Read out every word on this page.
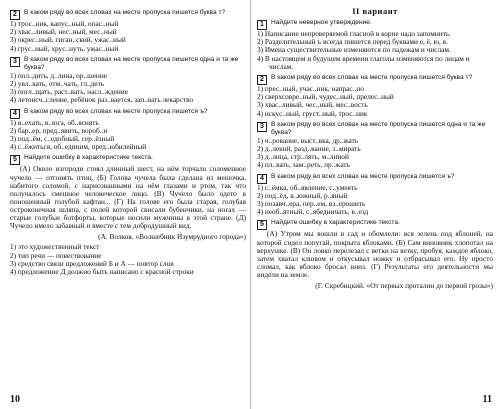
2	В каком ряду во всех словах на месте пропуска пишется буква т?
1) трос..ник, капус..ный, опас..ный
2) хвас..ливый, нес..ный, мес..ный
3) окрес..ный, гиган..ский, ужас..ный
4) грус..ный, хрус..нуть, ужас..ный
3	В каком ряду во всех словах на месте пропуска пишется одна и та же буква?
1) пол..дить, д..лина, ор..шение
2) увл..кать, отм..чать, гл..деть
3) погл..щать, раст..вать, насл..ждение
4) летоисч..сление, ребёнок раз..вается, зап..вать лекарство
4	В каком ряду во всех словах на месте пропуска пишется ъ?
1) в..ехать, в..юга, об..яснять
2) бар..ер, пред..явить, вороб..и
3) под..ём, с..едобный, сер..ёзный
4) с..ёжиться, об..единим, пред..юбилейный
5	Найдите ошибку в характеристике текста.
(А) Около изгороди стоял длинный шест, на нём торчало соломенное чучело — отгонять птиц. (Б) Голова чучела была сделана из мешочка, набитого соломой, с нарисованными на нём глазами и ртом, так что получалось смешное человеческое лицо. (В) Чучело было одето в поношенный голубой кафтан... (Г) На голове его была старая, голубая остроконечная шляпа, с полей которой свисали бубенчики, на ногах — старые голубые ботфорты, которые носили мужчины в этой стране. (Д) Чучело имело забавный и вместе с тем добродушный вид.
(А. Волков. «Волшебник Изумрудного города»)
1) это художественный текст
2) тип речи — повествование
3) средство связи предложений Б и А — повтор слов
4) предложение Д должно быть написано с красной строки
10
II вариант
1	Найдите неверное утверждение.
1) Написание непроверяемой гласной в корне надо запомнить.
2) Разделительный ъ всегда пишется перед буквами е, ё, ю, я.
3) Имена существительные изменяются по падежам и числам.
4) В настоящем и будущем времени глаголы изменяются по лицам и числам.
2	В каком ряду во всех словах на месте пропуска пишется буква т?
1) прес..ный, учас..ник, напрас..но
2) сверхсовре..ный, чудес..ный, прелес..ный
3) хвас..ливый, чес..ный, мес..вость
4) искус..ный, груст..ный, трос..ник
3	В каком ряду во всех словах на месте пропуска пишется одна и та же буква?
1) ч..рование, выст..вка, др..жать
2) д..лекий, разд..вание, з..мирать
3) д..лица, стр..лять, м..линой
4) пл..вать, зам..реть, пр..жать
4	В каком ряду во всех словах на месте пропуска пишется ъ?
1) с..ёмка, об..явление, с..умеять
2) под..ёд, в..южный, р..яный
3) позавч..ера, пер..ем, вз..ерошить
4) необ..ятный, с..ябедничать, в..езд
5	Найдите ошибку в характеристике текста.
(А) Утром мы вошли в сад и обомлели: вся зелень под яблоней, на которой сидел попугай, покрыта яблоками. (Б) Сам виновник хлопотал на верхушке. (В) Он ловко перелезал с ветки на ветку, пробуя, каждое яблоко, затем хватал клювом и откусывал ножку и отбрасывал его. Ну просто сломал, как яблоко бросал вниз. (Г) Результаты его деятельности мы видели на земле.
(Г. Скребицкий. «От первых проталин до первой грозы»)
11
